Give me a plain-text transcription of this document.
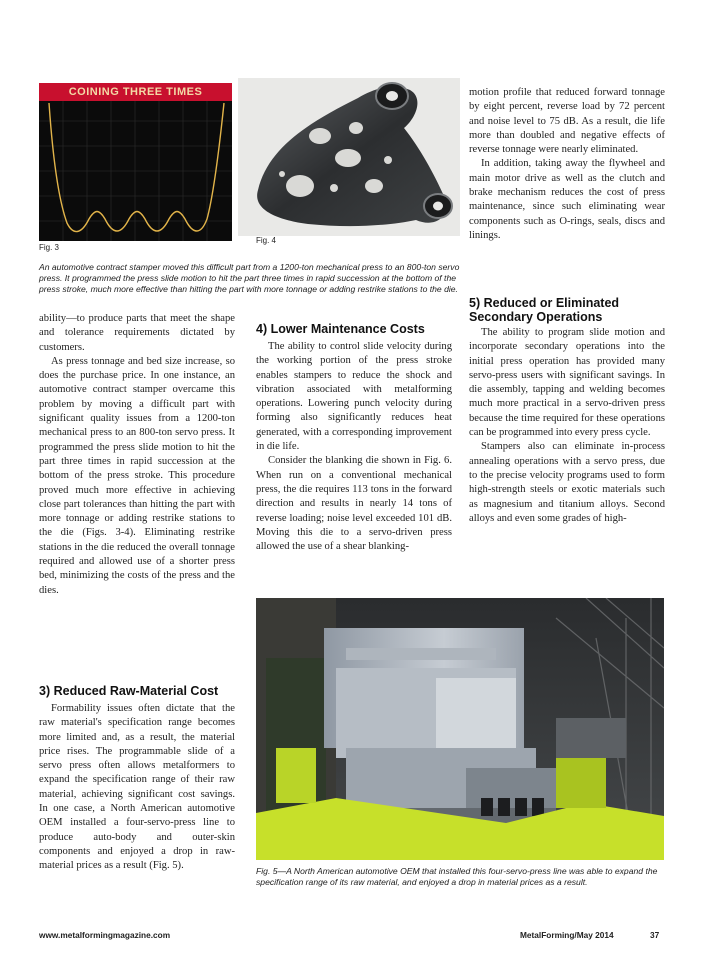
COINING THREE TIMES
Fig. 3
Fig. 4
An automotive contract stamper moved this difficult part from a 1200-ton mechanical press to an 800-ton servo press. It programmed the press slide motion to hit the part three times in rapid succession at the bottom of the press stroke, much more effective than hitting the part with more tonnage or adding restrike stations to the die.

ability—to produce parts that meet the shape and tolerance requirements dictated by customers.

As press tonnage and bed size increase, so does the purchase price. In one instance, an automotive contract stamper overcame this problem by moving a difficult part with significant quality issues from a 1200-ton mechanical press to an 800-ton servo press. It programmed the press slide motion to hit the part three times in rapid succession at the bottom of the press stroke. This procedure proved much more effective in achieving close part tolerances than hitting the part with more tonnage or adding restrike stations to the die (Figs. 3-4). Eliminating restrike stations in the die reduced the overall tonnage required and allowed use of a shorter press bed, minimizing the costs of the press and the dies.

3) Reduced Raw-Material Cost

Formability issues often dictate that the raw material's specification range becomes more limited and, as a result, the material price rises. The programmable slide of a servo press often allows metalformers to expand the specification range of their raw material, achieving significant cost savings. In one case, a North American automotive OEM installed a four-servo-press line to produce auto-body and outer-skin components and enjoyed a drop in raw-material prices as a result (Fig. 5).

4) Lower Maintenance Costs

The ability to control slide velocity during the working portion of the press stroke enables stampers to reduce the shock and vibration associated with metalforming operations. Lowering punch velocity during forming also significantly reduces heat generated, with a corresponding improvement in die life.

Consider the blanking die shown in Fig. 6. When run on a conventional mechanical press, the die requires 113 tons in the forward direction and results in nearly 14 tons of reverse loading; noise level exceeded 101 dB. Moving this die to a servo-driven press allowed the use of a shear blanking-

motion profile that reduced forward tonnage by eight percent, reverse load by 72 percent and noise level to 75 dB. As a result, die life more than doubled and negative effects of reverse tonnage were nearly eliminated.

In addition, taking away the flywheel and main motor drive as well as the clutch and brake mechanism reduces the cost of press maintenance, since such eliminating wear components such as O-rings, seals, discs and linings.

5) Reduced or Eliminated Secondary Operations

The ability to program slide motion and incorporate secondary operations into the initial press operation has provided many servo-press users with significant savings. In die assembly, tapping and welding becomes much more practical in a servo-driven press because the time required for these operations can be programmed into every press cycle.

Stampers also can eliminate in-process annealing operations with a servo press, due to the precise velocity programs used to form high-strength steels or exotic materials such as magnesium and titanium alloys. Second alloys and even some grades of high-

Fig. 5—A North American automotive OEM that installed this four-servo-press line was able to expand the specification range of its raw material, and enjoyed a drop in material prices as a result.
www.metalformingmagazine.com	MetalForming/May 2014	37
